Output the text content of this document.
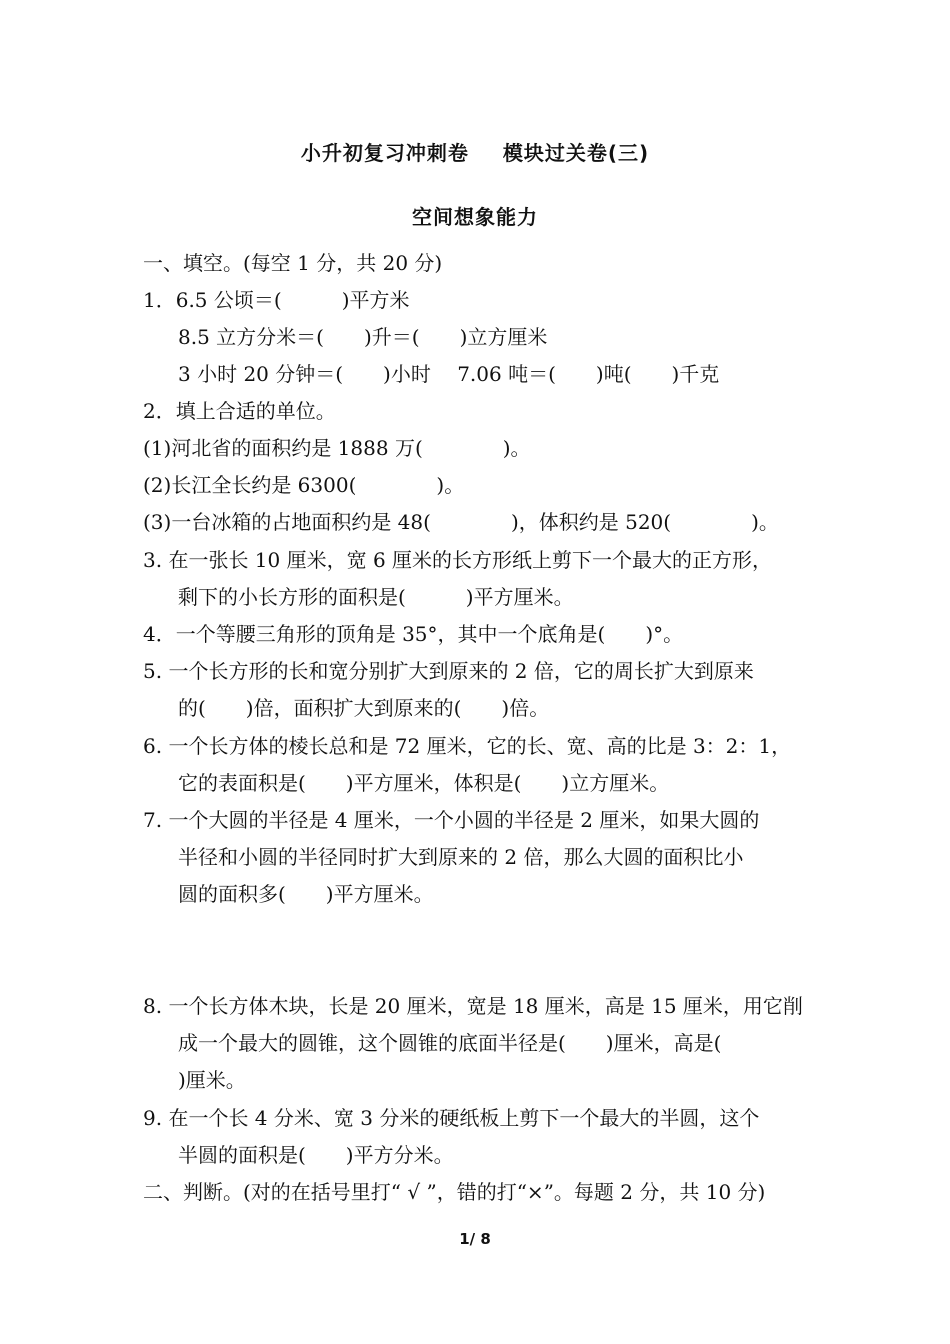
小升初复习冲刺卷 模块过关卷(三)
空间想象能力
一、填空。(每空 1 分，共 20 分)
1．6.5 公顷＝(　　　)平方米
8.5 立方分米＝(　　)升＝(　　)立方厘米
3 小时 20 分钟＝(　　)小时　 7.06 吨＝(　　)吨(　　)千克
2．填上合适的单位。
(1)河北省的面积约是 1888 万(　　　　)。
(2)长江全长约是 6300(　　　　)。
(3)一台冰箱的占地面积约是 48(　　　　)，体积约是 520(　　　　)。
3. 在一张长 10 厘米，宽 6 厘米的长方形纸上剪下一个最大的正方形，
剩下的小长方形的面积是(　　　)平方厘米。
4．一个等腰三角形的顶角是 35°，其中一个底角是(　　)°。
5. 一个长方形的长和宽分别扩大到原来的 2 倍，它的周长扩大到原来
的(　　)倍，面积扩大到原来的(　　)倍。
6. 一个长方体的棱长总和是 72 厘米，它的长、宽、高的比是 3：2：1，
它的表面积是(　　)平方厘米，体积是(　　)立方厘米。
7. 一个大圆的半径是 4 厘米，一个小圆的半径是 2 厘米，如果大圆的
半径和小圆的半径同时扩大到原来的 2 倍，那么大圆的面积比小
圆的面积多(　　)平方厘米。
8. 一个长方体木块，长是 20 厘米，宽是 18 厘米，高是 15 厘米，用它削
成一个最大的圆锥，这个圆锥的底面半径是(　　)厘米，高是(
)厘米。
9. 在一个长 4 分米、宽 3 分米的硬纸板上剪下一个最大的半圆，这个
半圆的面积是(　　)平方分米。
二、判断。(对的在括号里打“ √ ”，错的打“×”。每题 2 分，共 10 分)
1/ 8
